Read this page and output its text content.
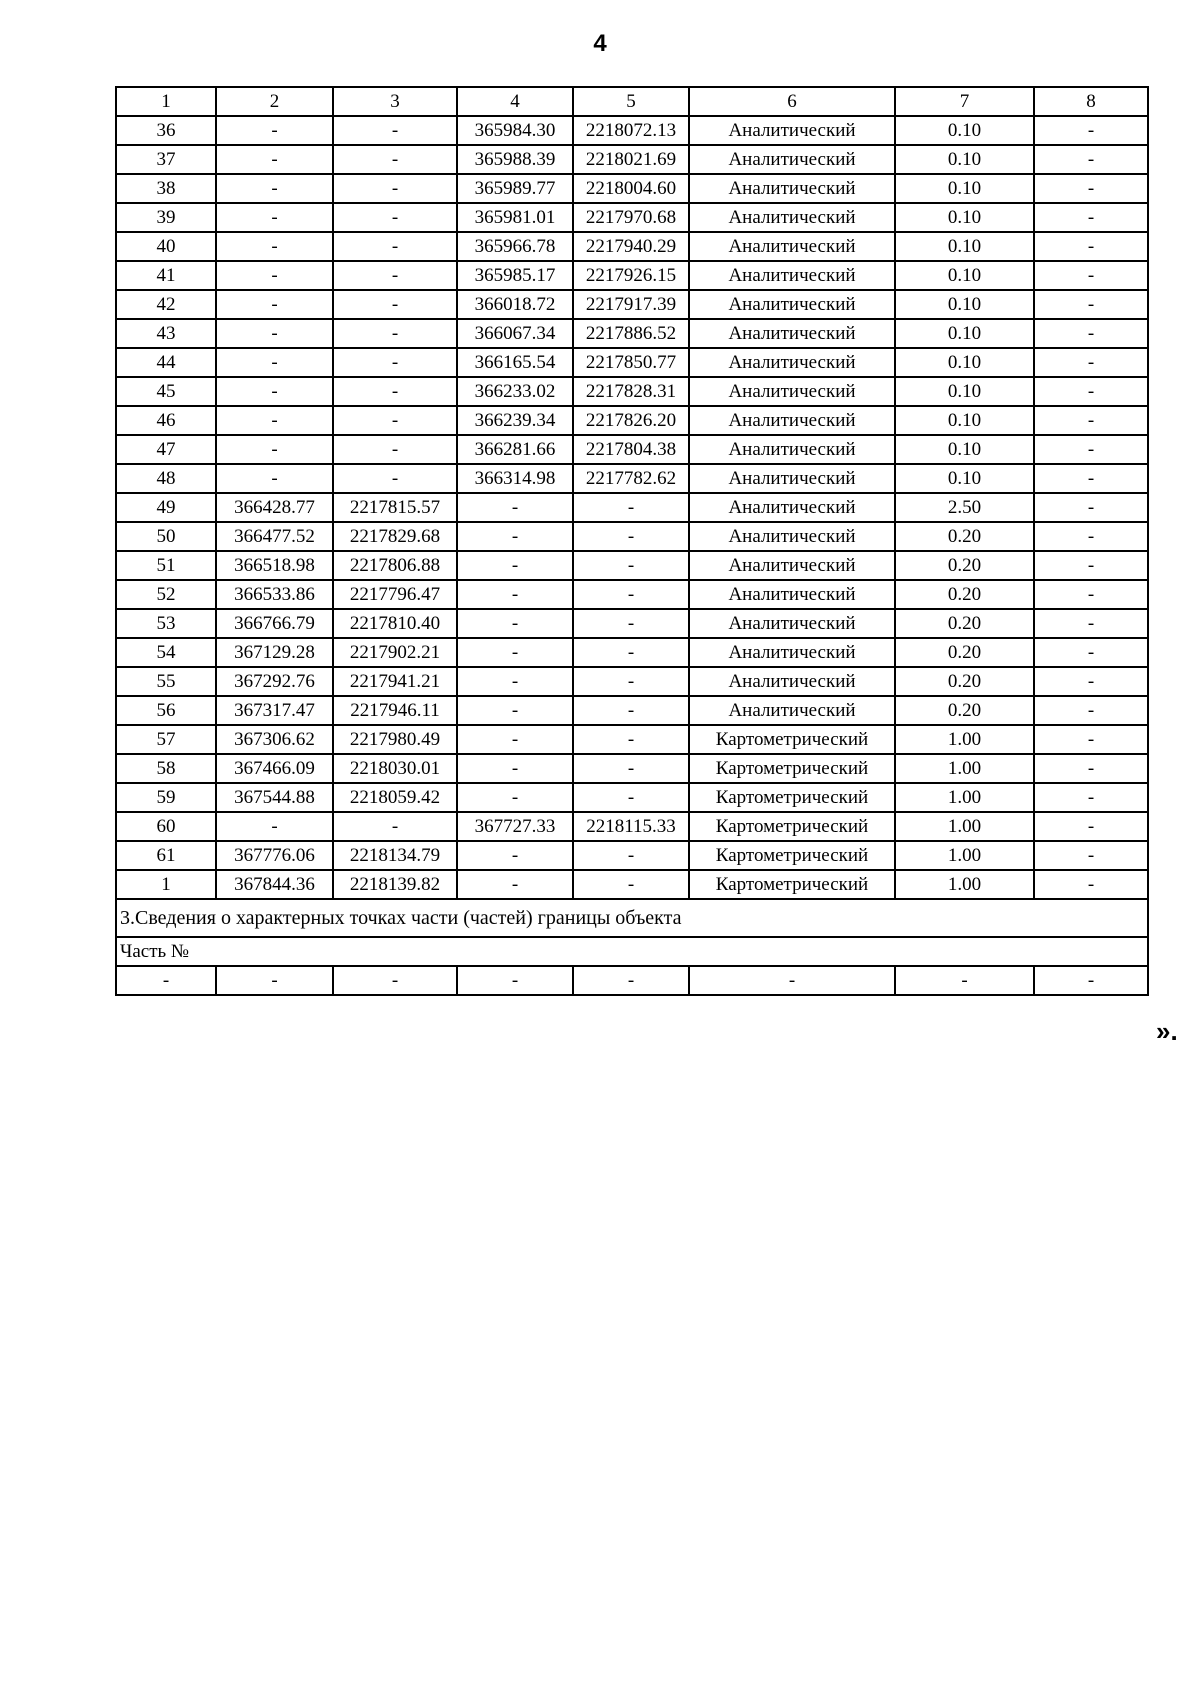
4
1	2	3	4	5	6	7	8
36	-	-	365984.30	2218072.13	Аналитический	0.10	-
37	-	-	365988.39	2218021.69	Аналитический	0.10	-
38	-	-	365989.77	2218004.60	Аналитический	0.10	-
39	-	-	365981.01	2217970.68	Аналитический	0.10	-
40	-	-	365966.78	2217940.29	Аналитический	0.10	-
41	-	-	365985.17	2217926.15	Аналитический	0.10	-
42	-	-	366018.72	2217917.39	Аналитический	0.10	-
43	-	-	366067.34	2217886.52	Аналитический	0.10	-
44	-	-	366165.54	2217850.77	Аналитический	0.10	-
45	-	-	366233.02	2217828.31	Аналитический	0.10	-
46	-	-	366239.34	2217826.20	Аналитический	0.10	-
47	-	-	366281.66	2217804.38	Аналитический	0.10	-
48	-	-	366314.98	2217782.62	Аналитический	0.10	-
49	366428.77	2217815.57	-	-	Аналитический	2.50	-
50	366477.52	2217829.68	-	-	Аналитический	0.20	-
51	366518.98	2217806.88	-	-	Аналитический	0.20	-
52	366533.86	2217796.47	-	-	Аналитический	0.20	-
53	366766.79	2217810.40	-	-	Аналитический	0.20	-
54	367129.28	2217902.21	-	-	Аналитический	0.20	-
55	367292.76	2217941.21	-	-	Аналитический	0.20	-
56	367317.47	2217946.11	-	-	Аналитический	0.20	-
57	367306.62	2217980.49	-	-	Картометрический	1.00	-
58	367466.09	2218030.01	-	-	Картометрический	1.00	-
59	367544.88	2218059.42	-	-	Картометрический	1.00	-
60	-	-	367727.33	2218115.33	Картометрический	1.00	-
61	367776.06	2218134.79	-	-	Картометрический	1.00	-
1	367844.36	2218139.82	-	-	Картометрический	1.00	-
3.Сведения о характерных точках части (частей) границы объекта							
Часть №							
-	-	-	-	-	-	-	-
».
